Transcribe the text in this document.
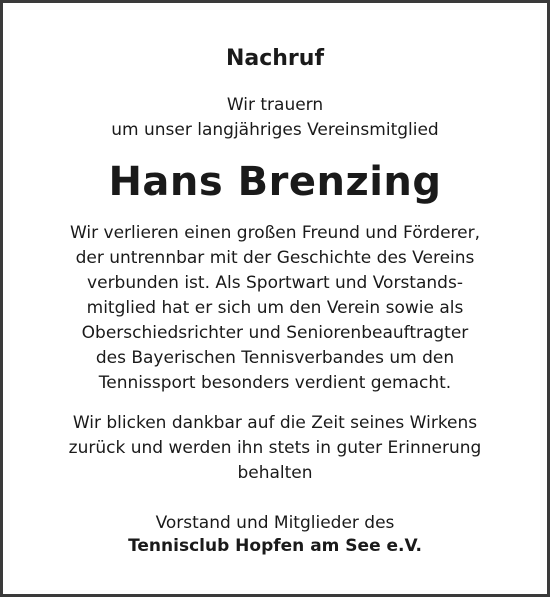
Nachruf
Wir trauern
um unser langjähriges Vereinsmitglied
Hans Brenzing
Wir verlieren einen großen Freund und Förderer,
der untrennbar mit der Geschichte des Vereins
verbunden ist. Als Sportwart und Vorstands-
mitglied hat er sich um den Verein sowie als
Oberschiedsrichter und Seniorenbeauftragter
des Bayerischen Tennisverbandes um den
Tennissport besonders verdient gemacht.
Wir blicken dankbar auf die Zeit seines Wirkens
zurück und werden ihn stets in guter Erinnerung
behalten
Vorstand und Mitglieder des
Tennisclub Hopfen am See e.V.
